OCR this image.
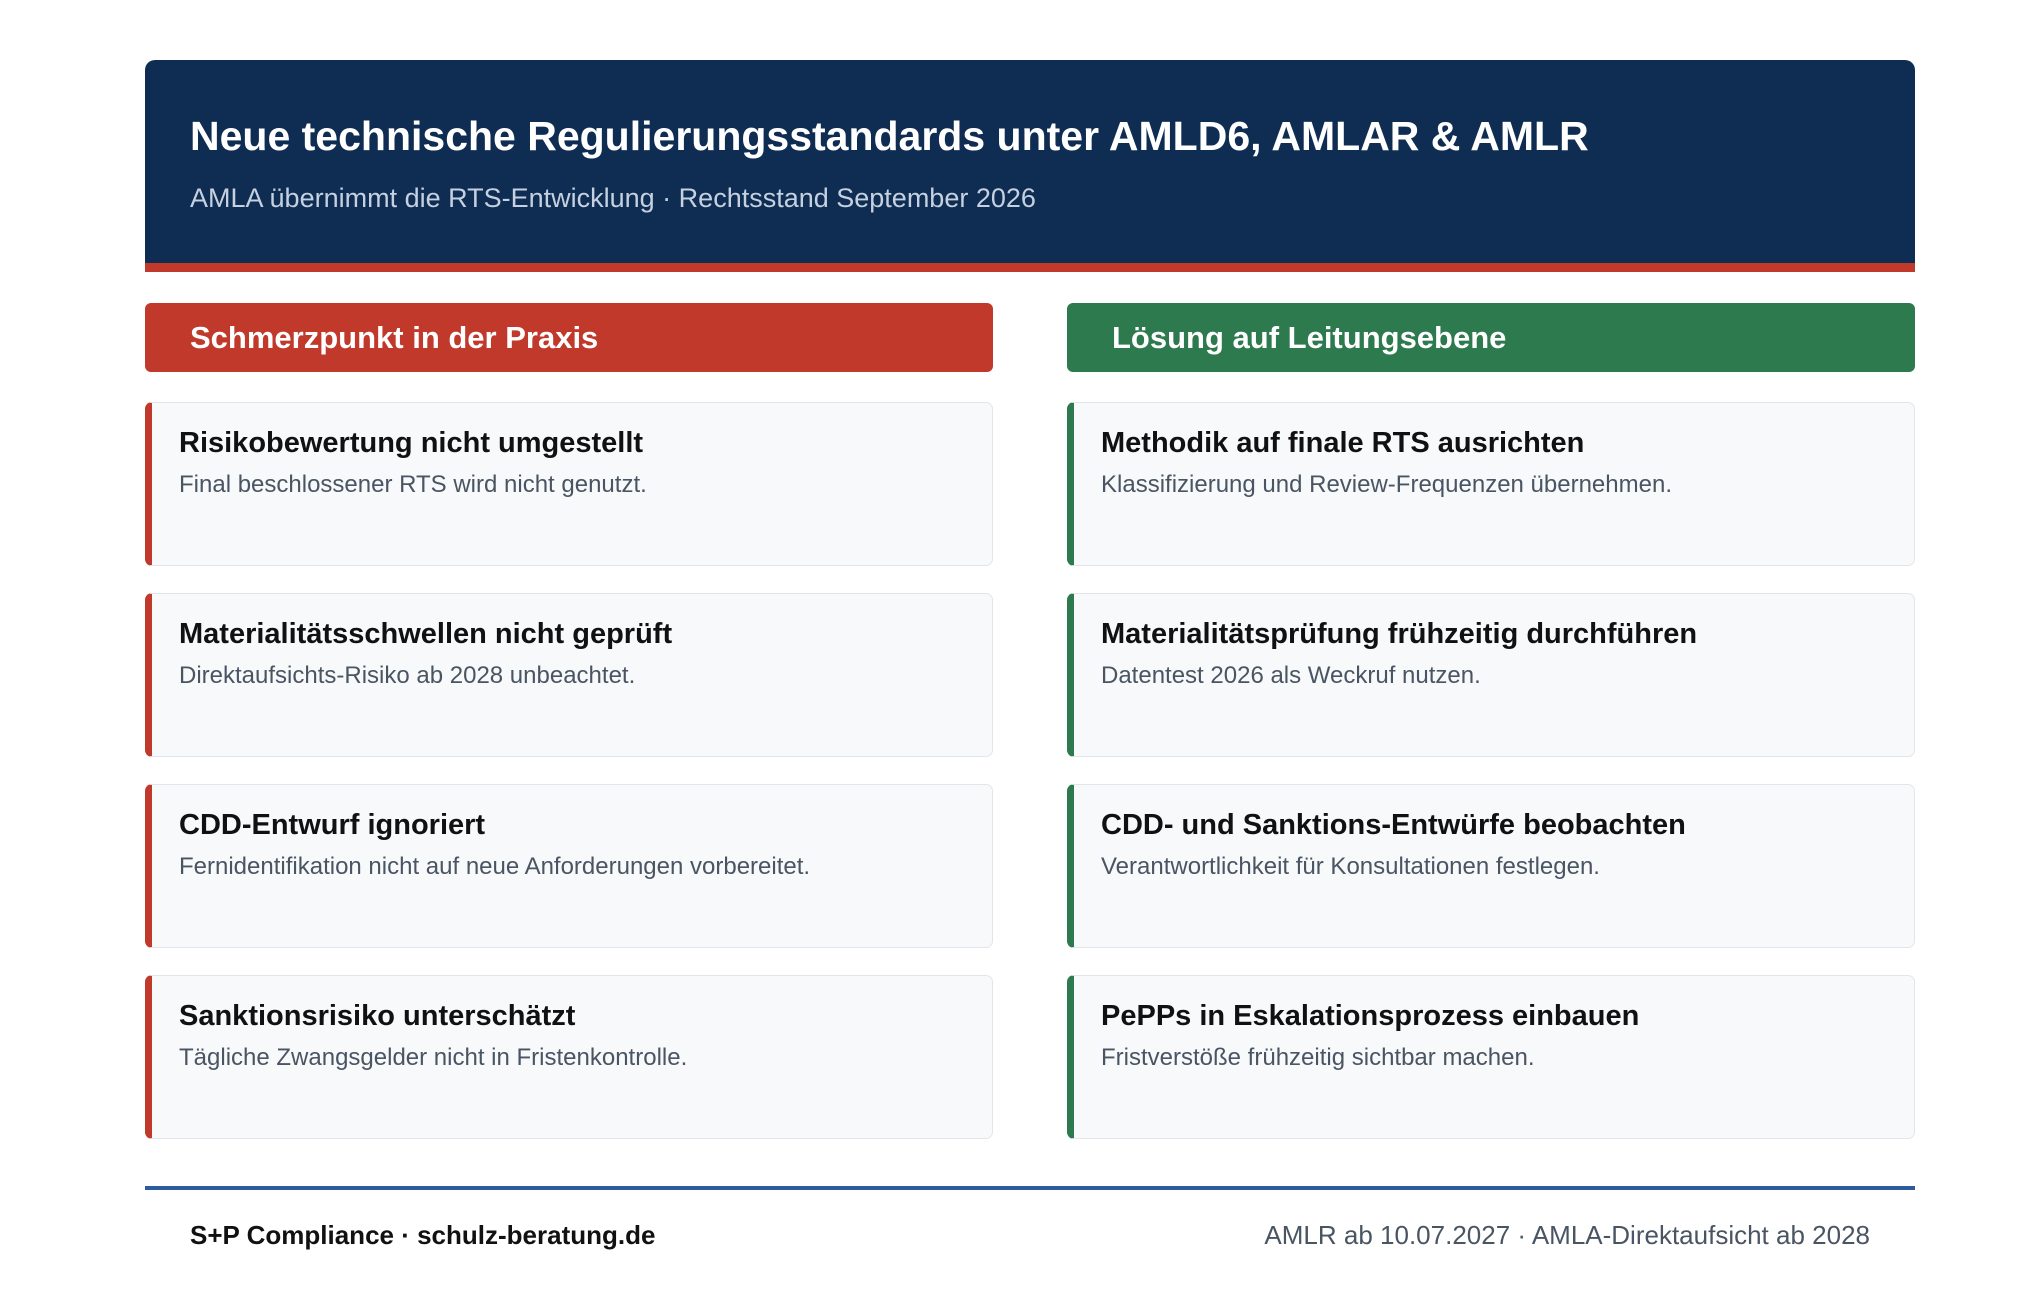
Neue technische Regulierungsstandards unter AMLD6, AMLAR & AMLR
AMLA übernimmt die RTS-Entwicklung · Rechtsstand September 2026
Schmerzpunkt in der Praxis
Risikobewertung nicht umgestellt
Final beschlossener RTS wird nicht genutzt.
Materialitätsschwellen nicht geprüft
Direktaufsichts-Risiko ab 2028 unbeachtet.
CDD-Entwurf ignoriert
Fernidentifikation nicht auf neue Anforderungen vorbereitet.
Sanktionsrisiko unterschätzt
Tägliche Zwangsgelder nicht in Fristenkontrolle.
Lösung auf Leitungsebene
Methodik auf finale RTS ausrichten
Klassifizierung und Review-Frequenzen übernehmen.
Materialitätsprüfung frühzeitig durchführen
Datentest 2026 als Weckruf nutzen.
CDD- und Sanktions-Entwürfe beobachten
Verantwortlichkeit für Konsultationen festlegen.
PePPs in Eskalationsprozess einbauen
Fristverstöße frühzeitig sichtbar machen.
S+P Compliance · schulz-beratung.de	AMLR ab 10.07.2027 · AMLA-Direktaufsicht ab 2028
